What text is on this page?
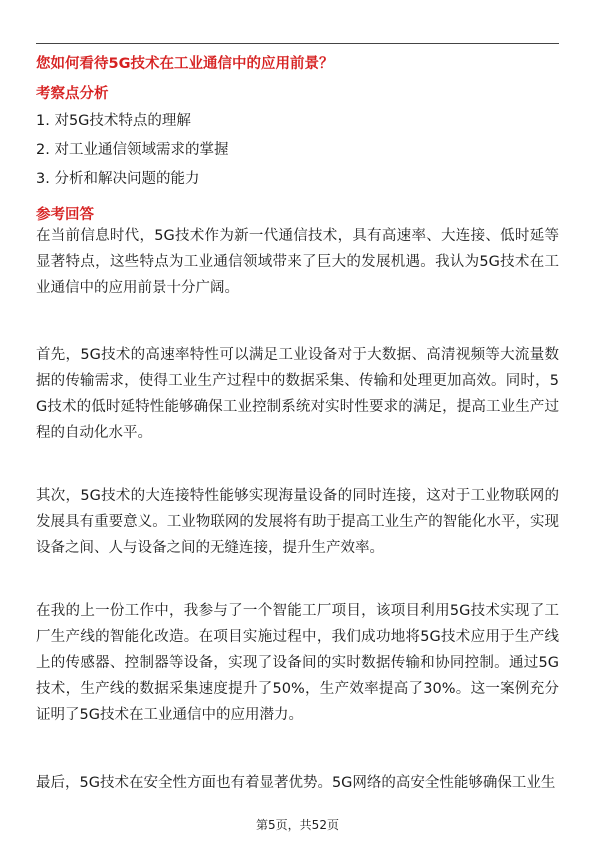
您如何看待5G技术在工业通信中的应用前景？
考察点分析
1. 对5G技术特点的理解
2. 对工业通信领域需求的掌握
3. 分析和解决问题的能力
参考回答

在当前信息时代，5G技术作为新一代通信技术，具有高速率、大连接、低时延等显著特点，这些特点为工业通信领域带来了巨大的发展机遇。我认为5G技术在工业通信中的应用前景十分广阔。

首先，5G技术的高速率特性可以满足工业设备对于大数据、高清视频等大流量数据的传输需求，使得工业生产过程中的数据采集、传输和处理更加高效。同时，5G技术的低时延特性能够确保工业控制系统对实时性要求的满足，提高工业生产过程的自动化水平。

其次，5G技术的大连接特性能够实现海量设备的同时连接，这对于工业物联网的发展具有重要意义。工业物联网的发展将有助于提高工业生产的智能化水平，实现设备之间、人与设备之间的无缝连接，提升生产效率。

在我的上一份工作中，我参与了一个智能工厂项目，该项目利用5G技术实现了工厂生产线的智能化改造。在项目实施过程中，我们成功地将5G技术应用于生产线上的传感器、控制器等设备，实现了设备间的实时数据传输和协同控制。通过5G技术，生产线的数据采集速度提升了50%，生产效率提高了30%。这一案例充分证明了5G技术在工业通信中的应用潜力。

最后，5G技术在安全性方面也有着显著优势。5G网络的高安全性能够确保工业生

第5页，共52页
